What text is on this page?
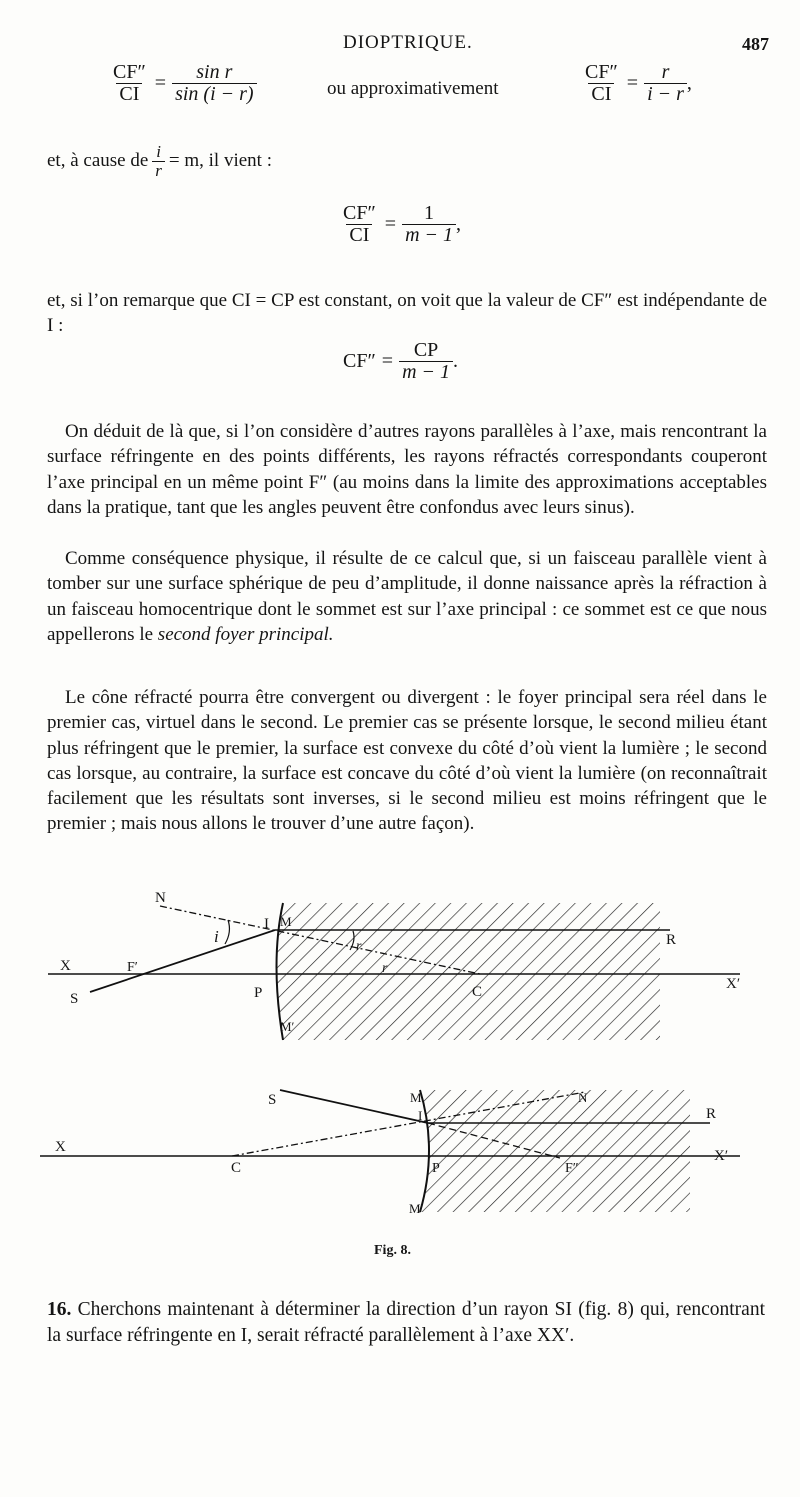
DIOPTRIQUE.	487
$\frac{CF''}{CI} = \frac{\text{sin r}}{\sin (i - r)}$	ou approximativement	$\frac{CF''}{CI} = \frac{r}{i - r}$ ,
et, à cause de $\frac{i}{r} = m$, il vient :
$\frac{CF''}{CI} = \frac{1}{m - 1}$ ,
et, si l’on remarque que CI = CP est constant, on voit que la valeur de CF″ est indépendante de I :
$CF'' = \frac{CP}{m - 1}$ .
On déduit de là que, si l’on considère d’autres rayons parallèles à l’axe, mais rencontrant la surface réfringente en des points différents, les rayons réfractés correspondants couperont l’axe principal en un même point F″ (au moins dans la limite des approximations acceptables dans la pratique, tant que les angles peuvent être confondus avec leurs sinus).
Comme conséquence physique, il résulte de ce calcul que, si un faisceau parallèle vient à tomber sur une surface sphérique de peu d’amplitude, il donne naissance après la réfraction à un faisceau homocentrique dont le sommet est sur l’axe principal : ce sommet est ce que nous appellerons le second foyer principal.
Le cône réfracté pourra être convergent ou divergent : le foyer principal sera réel dans le premier cas, virtuel dans le second. Le premier cas se présente lorsque, le second milieu étant plus réfringent que le premier, la surface est convexe du côté d’où vient la lumière ; le second cas lorsque, au contraire, la surface est concave du côté d’où vient la lumière (on reconnaîtrait facilement que les résultats sont inverses, si le second milieu est moins réfringent que le premier ; mais nous allons le trouver d’une autre façon).
N
i
I M
r
r
R
X	F′
S	P	C	X′
M′
S	M
I
N
R
X
C	P	F″
X′
M′
Fig. 8.
16. Cherchons maintenant à déterminer la direction d’un rayon SI (fig. 8) qui, rencontrant la surface réfringente en I, serait réfracté parallèlement à l’axe XX′.
